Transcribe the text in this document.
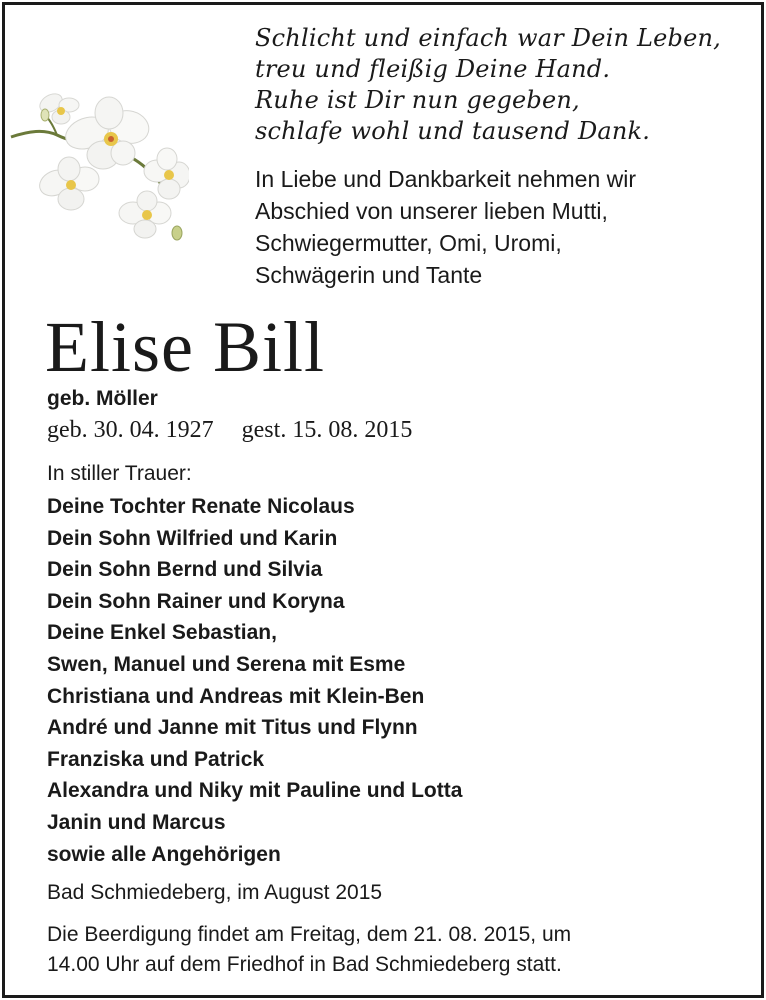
Schlicht und einfach war Dein Leben,
treu und fleißig Deine Hand.
Ruhe ist Dir nun gegeben,
schlafe wohl und tausend Dank.
In Liebe und Dankbarkeit nehmen wir
Abschied von unserer lieben Mutti,
Schwiegermutter, Omi, Uromi,
Schwägerin und Tante
Elise Bill
geb. Möller
geb. 30. 04. 1927 gest. 15. 08. 2015
In stiller Trauer:
Deine Tochter Renate Nicolaus
Dein Sohn Wilfried und Karin
Dein Sohn Bernd und Silvia
Dein Sohn Rainer und Koryna
Deine Enkel Sebastian,
Swen, Manuel und Serena mit Esme
Christiana und Andreas mit Klein-Ben
André und Janne mit Titus und Flynn
Franziska und Patrick
Alexandra und Niky mit Pauline und Lotta
Janin und Marcus
sowie alle Angehörigen
Bad Schmiedeberg, im August 2015
Die Beerdigung findet am Freitag, dem 21. 08. 2015, um
14.00 Uhr auf dem Friedhof in Bad Schmiedeberg statt.
